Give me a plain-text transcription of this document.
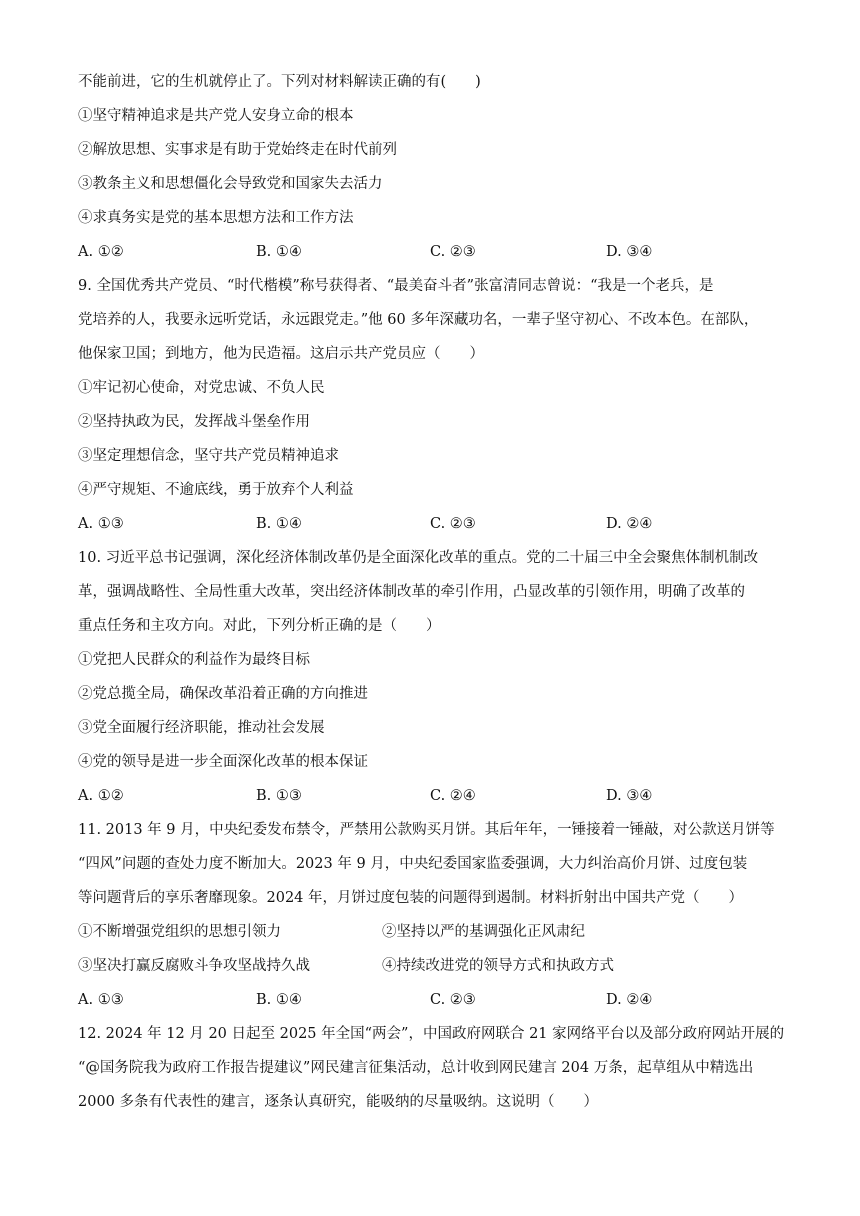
不能前进，它的生机就停止了。下列对材料解读正确的有(　　)
①坚守精神追求是共产党人安身立命的根本
②解放思想、实事求是有助于党始终走在时代前列
③教条主义和思想僵化会导致党和国家失去活力
④求真务实是党的基本思想方法和工作方法
A. ①②	B. ①④	C. ②③	D. ③④
9. 全国优秀共产党员、“时代楷模”称号获得者、“最美奋斗者”张富清同志曾说：“我是一个老兵，是
党培养的人，我要永远听党话，永远跟党走。”他 60 多年深藏功名，一辈子坚守初心、不改本色。在部队，
他保家卫国；到地方，他为民造福。这启示共产党员应（　　）
①牢记初心使命，对党忠诚、不负人民
②坚持执政为民，发挥战斗堡垒作用
③坚定理想信念，坚守共产党员精神追求
④严守规矩、不逾底线，勇于放弃个人利益
A. ①③	B. ①④	C. ②③	D. ②④
10. 习近平总书记强调，深化经济体制改革仍是全面深化改革的重点。党的二十届三中全会聚焦体制机制改
革，强调战略性、全局性重大改革，突出经济体制改革的牵引作用，凸显改革的引领作用，明确了改革的
重点任务和主攻方向。对此，下列分析正确的是（　　）
①党把人民群众的利益作为最终目标
②党总揽全局，确保改革沿着正确的方向推进
③党全面履行经济职能，推动社会发展
④党的领导是进一步全面深化改革的根本保证
A. ①②	B. ①③	C. ②④	D. ③④
11. 2013 年 9 月，中央纪委发布禁令，严禁用公款购买月饼。其后年年，一锤接着一锤敲，对公款送月饼等
“四风”问题的查处力度不断加大。2023 年 9 月，中央纪委国家监委强调，大力纠治高价月饼、过度包装
等问题背后的享乐奢靡现象。2024 年，月饼过度包装的问题得到遏制。材料折射出中国共产党（　　）
①不断增强党组织的思想引领力	②坚持以严的基调强化正风肃纪
③坚决打赢反腐败斗争攻坚战持久战	④持续改进党的领导方式和执政方式
A. ①③	B. ①④	C. ②③	D. ②④
12. 2024 年 12 月 20 日起至 2025 年全国“两会”，中国政府网联合 21 家网络平台以及部分政府网站开展的
“@国务院我为政府工作报告提建议”网民建言征集活动，总计收到网民建言 204 万条，起草组从中精选出
2000 多条有代表性的建言，逐条认真研究，能吸纳的尽量吸纳。这说明（　　）
